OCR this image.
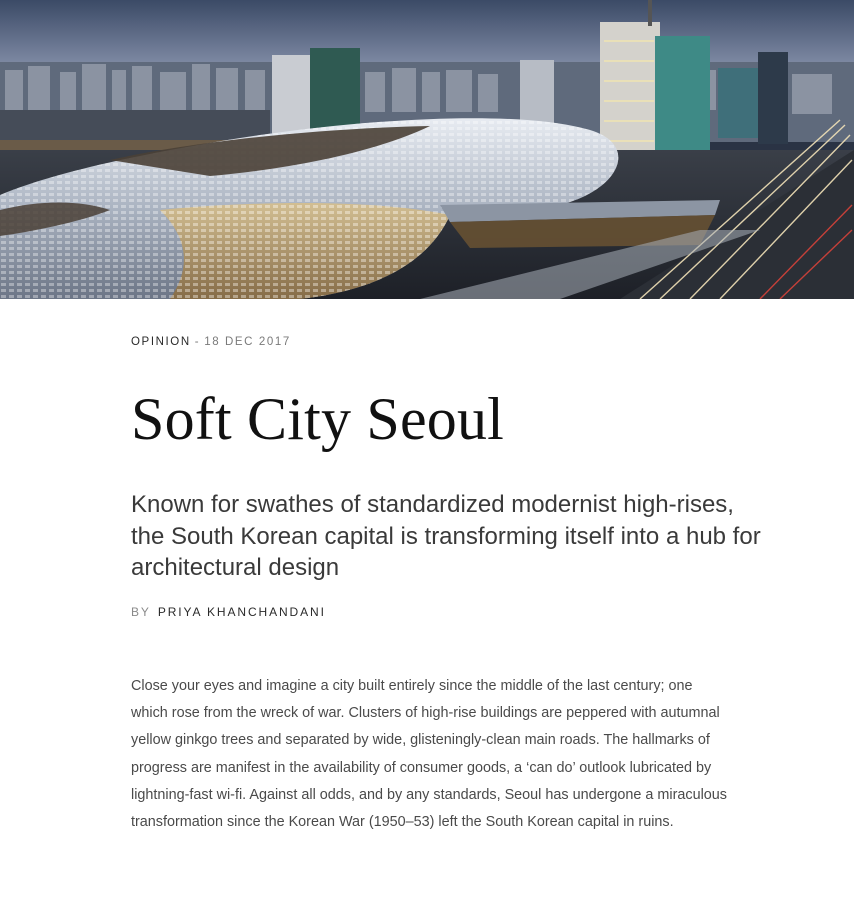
OPINION - 18 DEC 2017
Soft City Seoul

Known for swathes of standardized modernist high-rises, the South Korean capital is transforming itself into a hub for architectural design

BY PRIYA KHANCHANDANI

Close your eyes and imagine a city built entirely since the middle of the last century; one which rose from the wreck of war. Clusters of high-rise buildings are peppered with autumnal yellow ginkgo trees and separated by wide, glisteningly-clean main roads. The hallmarks of progress are manifest in the availability of consumer goods, a ‘can do’ outlook lubricated by lightning-fast wi-fi. Against all odds, and by any standards, Seoul has undergone a miraculous transformation since the Korean War (1950–53) left the South Korean capital in ruins.
